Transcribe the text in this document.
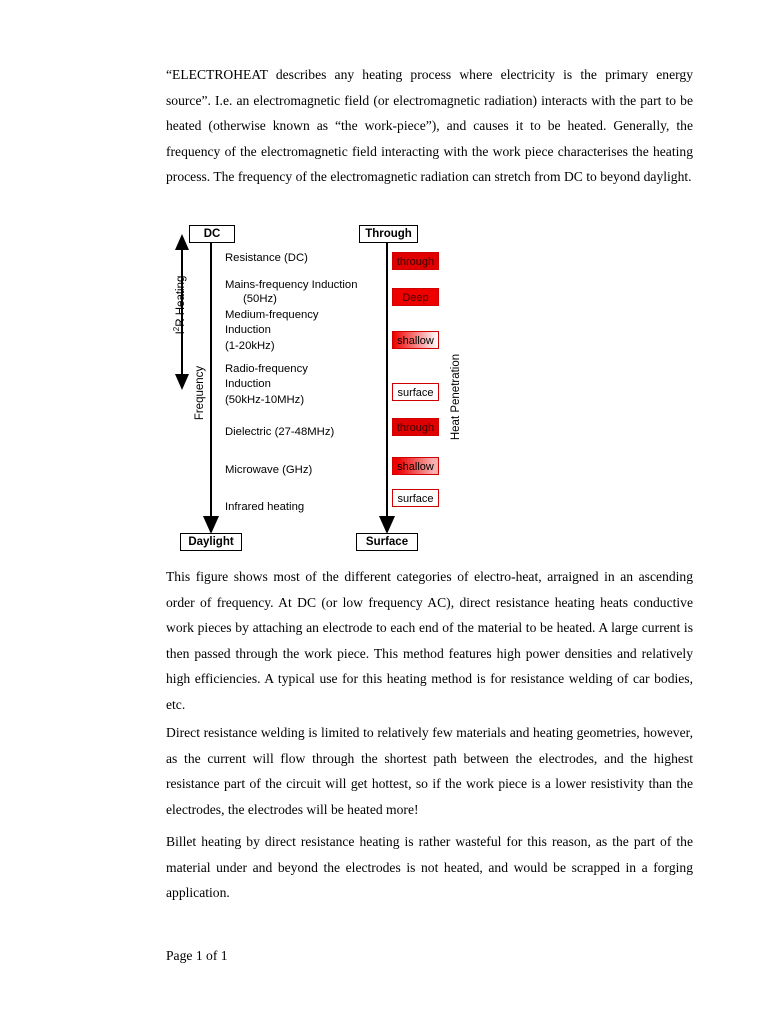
“ELECTROHEAT describes any heating process where electricity is the primary energy source”. I.e. an electromagnetic field (or electromagnetic radiation) interacts with the part to be heated (otherwise known as “the work-piece”), and causes it to be heated. Generally, the frequency of the electromagnetic field interacting with the work piece characterises the heating process. The frequency of the electromagnetic radiation can stretch from DC to beyond daylight.

DC	Through
Daylight	Surface
$I^2R$ Heating
Frequency	Heat Penetration
Resistance (DC)
Mains-frequency Induction
(50Hz)
Medium-frequency
Induction
(1-20kHz)
Radio-frequency
Induction
(50kHz-10MHz)
Dielectric (27-48MHz)
Microwave (GHz)
Infrared heating
through
Deep
shallow
surface
through
shallow
surface

This figure shows most of the different categories of electro-heat, arraigned in an ascending order of frequency. At DC (or low frequency AC), direct resistance heating heats conductive work pieces by attaching an electrode to each end of the material to be heated. A large current is then passed through the work piece. This method features high power densities and relatively high efficiencies. A typical use for this heating method is for resistance welding of car bodies, etc.

Direct resistance welding is limited to relatively few materials and heating geometries, however, as the current will flow through the shortest path between the electrodes, and the highest resistance part of the circuit will get hottest, so if the work piece is a lower resistivity than the electrodes, the electrodes will be heated more!

Billet heating by direct resistance heating is rather wasteful for this reason, as the part of the material under and beyond the electrodes is not heated, and would be scrapped in a forging application.

Page 1 of 1
